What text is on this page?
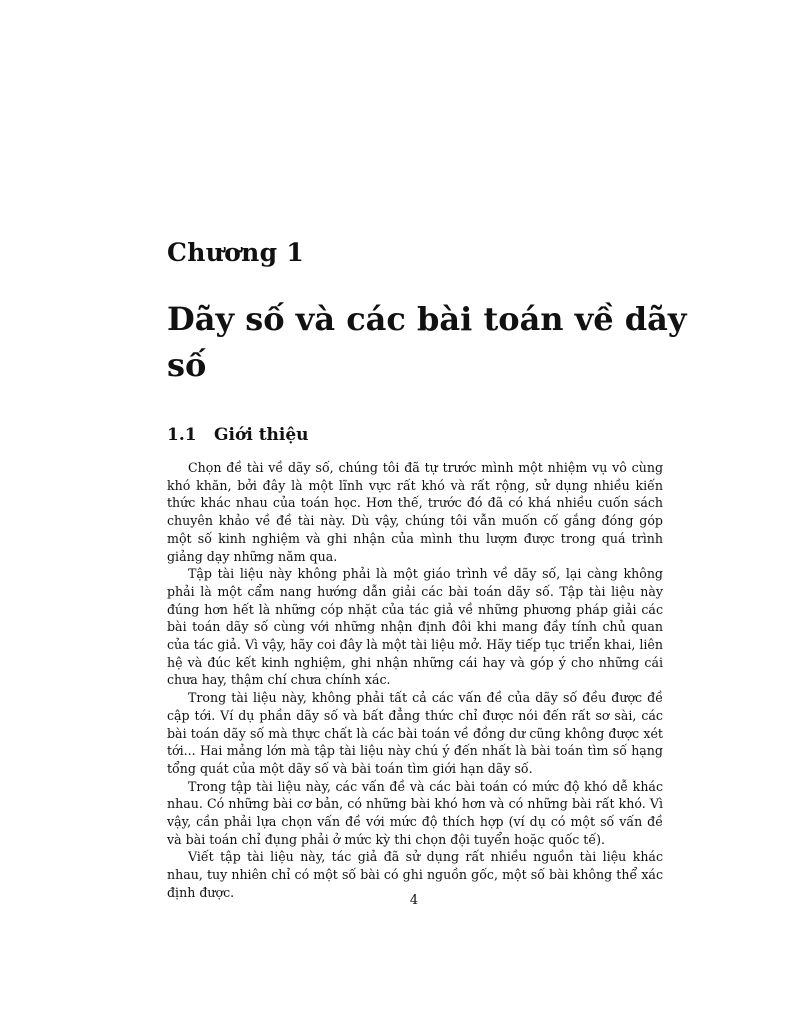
Chương 1
Dãy số và các bài toán về dãy số
1.1 Giới thiệu

Chọn đề tài về dãy số, chúng tôi đã tự trước mình một nhiệm vụ vô cùng khó khăn, bởi đây là một lĩnh vực rất khó và rất rộng, sử dụng nhiều kiến thức khác nhau của toán học. Hơn thế, trước đó đã có khá nhiều cuốn sách chuyên khảo về đề tài này. Dù vậy, chúng tôi vẫn muốn cố gắng đóng góp một số kinh nghiệm và ghi nhận của mình thu lượm được trong quá trình giảng dạy những năm qua.

Tập tài liệu này không phải là một giáo trình về dãy số, lại càng không phải là một cẩm nang hướng dẫn giải các bài toán dãy số. Tập tài liệu này đúng hơn hết là những cóp nhặt của tác giả về những phương pháp giải các bài toán dãy số cùng với những nhận định đôi khi mang đầy tính chủ quan của tác giả. Vì vậy, hãy coi đây là một tài liệu mở. Hãy tiếp tục triển khai, liên hệ và đúc kết kinh nghiệm, ghi nhận những cái hay và góp ý cho những cái chưa hay, thậm chí chưa chính xác.

Trong tài liệu này, không phải tất cả các vấn đề của dãy số đều được đề cập tới. Ví dụ phần dãy số và bất đẳng thức chỉ được nói đến rất sơ sài, các bài toán dãy số mà thực chất là các bài toán về đồng dư cũng không được xét tới... Hai mảng lớn mà tập tài liệu này chú ý đến nhất là bài toán tìm số hạng tổng quát của một dãy số và bài toán tìm giới hạn dãy số.

Trong tập tài liệu này, các vấn đề và các bài toán có mức độ khó dễ khác nhau. Có những bài cơ bản, có những bài khó hơn và có những bài rất khó. Vì vậy, cần phải lựa chọn vấn đề với mức độ thích hợp (ví dụ có một số vấn đề và bài toán chỉ đụng phải ở mức kỳ thi chọn đội tuyển hoặc quốc tế).

Viết tập tài liệu này, tác giả đã sử dụng rất nhiều nguồn tài liệu khác nhau, tuy nhiên chỉ có một số bài có ghi nguồn gốc, một số bài không thể xác định được.

4
